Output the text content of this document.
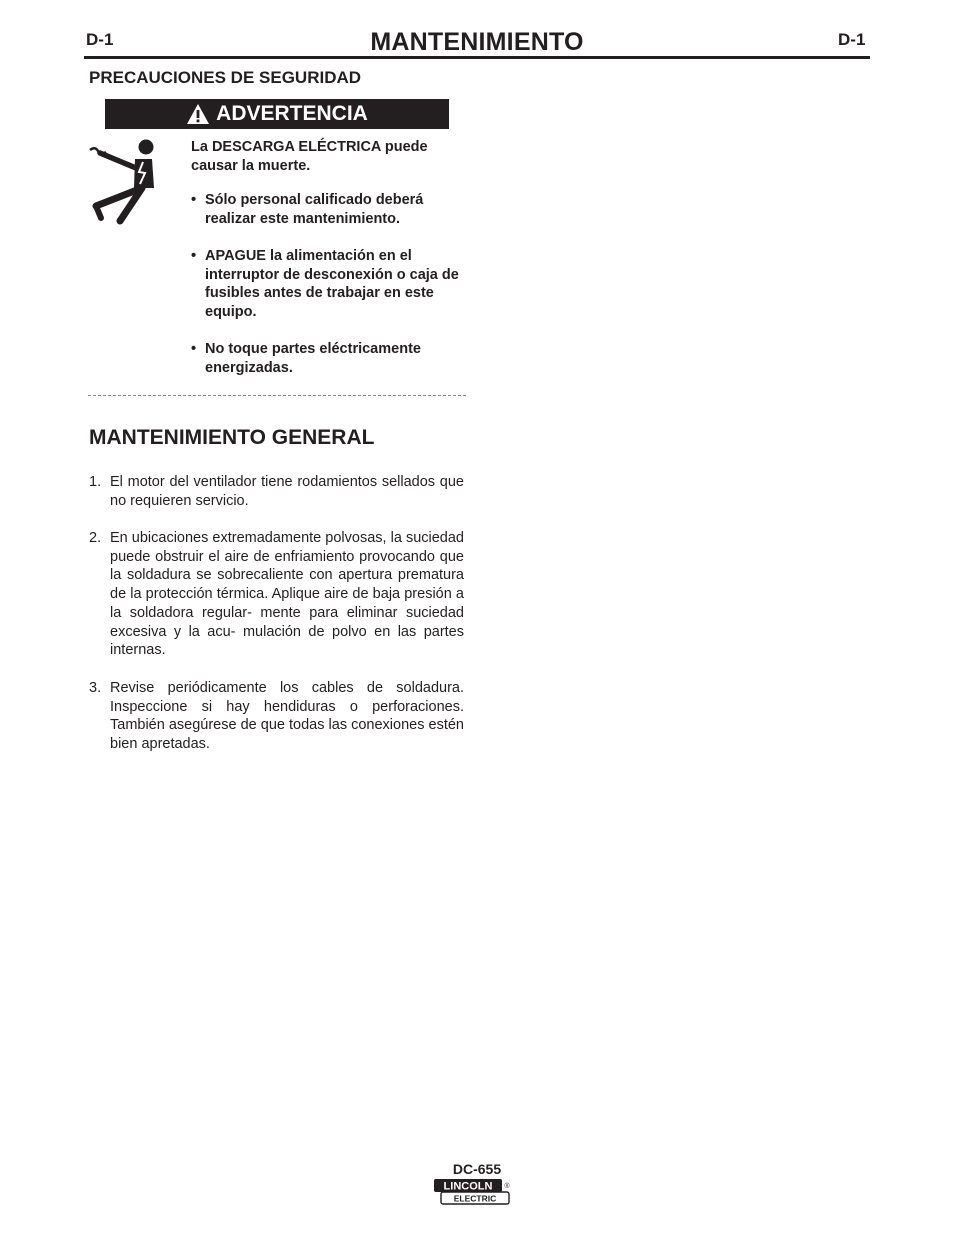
D-1	MANTENIMIENTO	D-1
PRECAUCIONES DE SEGURIDAD
ADVERTENCIA
La DESCARGA ELÉCTRICA puede causar la muerte.
• Sólo personal calificado deberá realizar este mantenimiento.
• APAGUE la alimentación en el interruptor de desconexión o caja de fusibles antes de trabajar en este equipo.
• No toque partes eléctricamente energizadas.
MANTENIMIENTO GENERAL
1. El motor del ventilador tiene rodamientos sellados que no requieren servicio.
2. En ubicaciones extremadamente polvosas, la suciedad puede obstruir el aire de enfriamiento provocando que la soldadura se sobrecaliente con apertura prematura de la protección térmica. Aplique aire de baja presión a la soldadora regular- mente para eliminar suciedad excesiva y la acu- mulación de polvo en las partes internas.
3. Revise periódicamente los cables de soldadura. Inspeccione si hay hendiduras o perforaciones. También asegúrese de que todas las conexiones estén bien apretadas.
DC-655
LINCOLN
ELECTRIC
®
